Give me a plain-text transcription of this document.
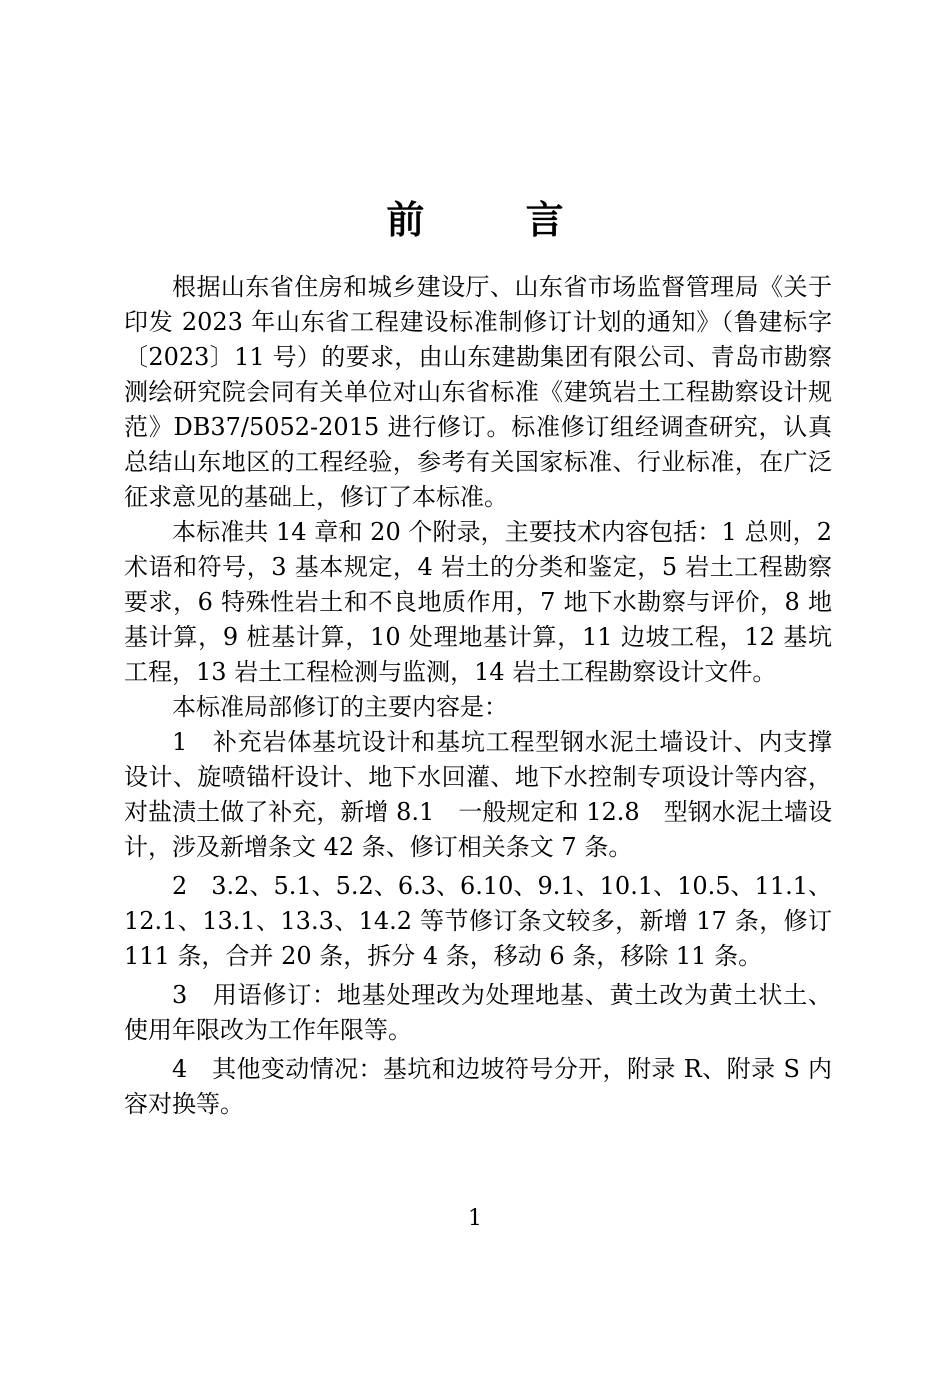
前 言

根据山东省住房和城乡建设厅、山东省市场监督管理局《关于印发 2023 年山东省工程建设标准制修订计划的通知》（鲁建标字〔2023〕11 号）的要求，由山东建勘集团有限公司、青岛市勘察测绘研究院会同有关单位对山东省标准《建筑岩土工程勘察设计规范》DB37/5052-2015 进行修订。标准修订组经调查研究，认真总结山东地区的工程经验，参考有关国家标准、行业标准，在广泛征求意见的基础上，修订了本标准。

本标准共 14 章和 20 个附录，主要技术内容包括：1 总则，2 术语和符号，3 基本规定，4 岩土的分类和鉴定，5 岩土工程勘察要求，6 特殊性岩土和不良地质作用，7 地下水勘察与评价，8 地基计算，9 桩基计算，10 处理地基计算，11 边坡工程，12 基坑工程，13 岩土工程检测与监测，14 岩土工程勘察设计文件。

本标准局部修订的主要内容是：

1　补充岩体基坑设计和基坑工程型钢水泥土墙设计、内支撑设计、旋喷锚杆设计、地下水回灌、地下水控制专项设计等内容，对盐渍土做了补充，新增 8.1　一般规定和 12.8　型钢水泥土墙设计，涉及新增条文 42 条、修订相关条文 7 条。

2　3.2、5.1、5.2、6.3、6.10、9.1、10.1、10.5、11.1、12.1、13.1、13.3、14.2 等节修订条文较多，新增 17 条，修订 111 条，合并 20 条，拆分 4 条，移动 6 条，移除 11 条。

3　用语修订：地基处理改为处理地基、黄土改为黄土状土、使用年限改为工作年限等。

4　其他变动情况：基坑和边坡符号分开，附录 R、附录 S 内容对换等。

1
